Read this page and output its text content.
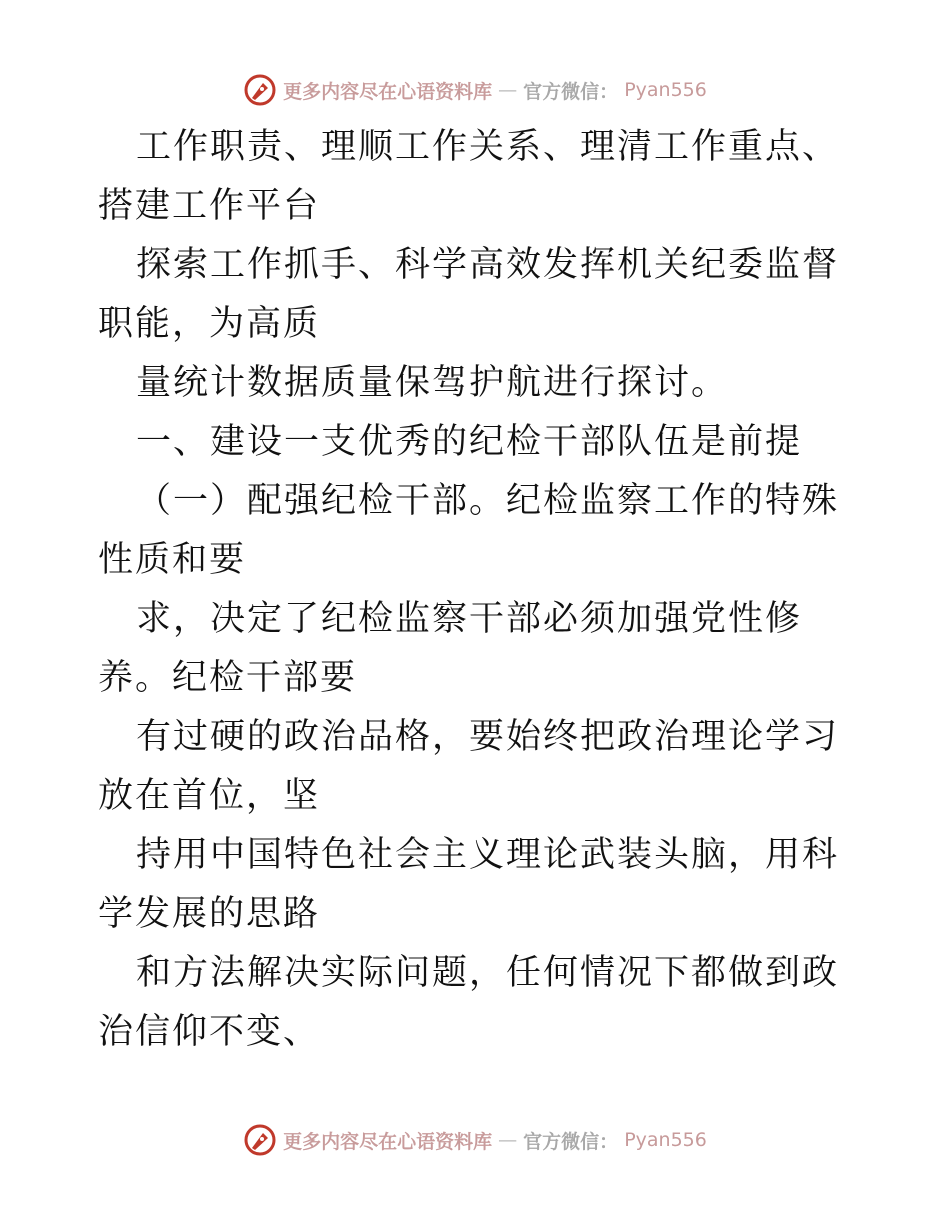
更多内容尽在心语资料库 — 官方微信： Pyan556

工作职责、理顺工作关系、理清工作重点、搭建工作平台

探索工作抓手、科学高效发挥机关纪委监督职能，为高质

量统计数据质量保驾护航进行探讨。

一、建设一支优秀的纪检干部队伍是前提

（一）配强纪检干部。纪检监察工作的特殊性质和要

求，决定了纪检监察干部必须加强党性修养。纪检干部要

有过硬的政治品格，要始终把政治理论学习放在首位，坚

持用中国特色社会主义理论武装头脑，用科学发展的思路

和方法解决实际问题，任何情况下都做到政治信仰不变、

更多内容尽在心语资料库 — 官方微信： Pyan556
